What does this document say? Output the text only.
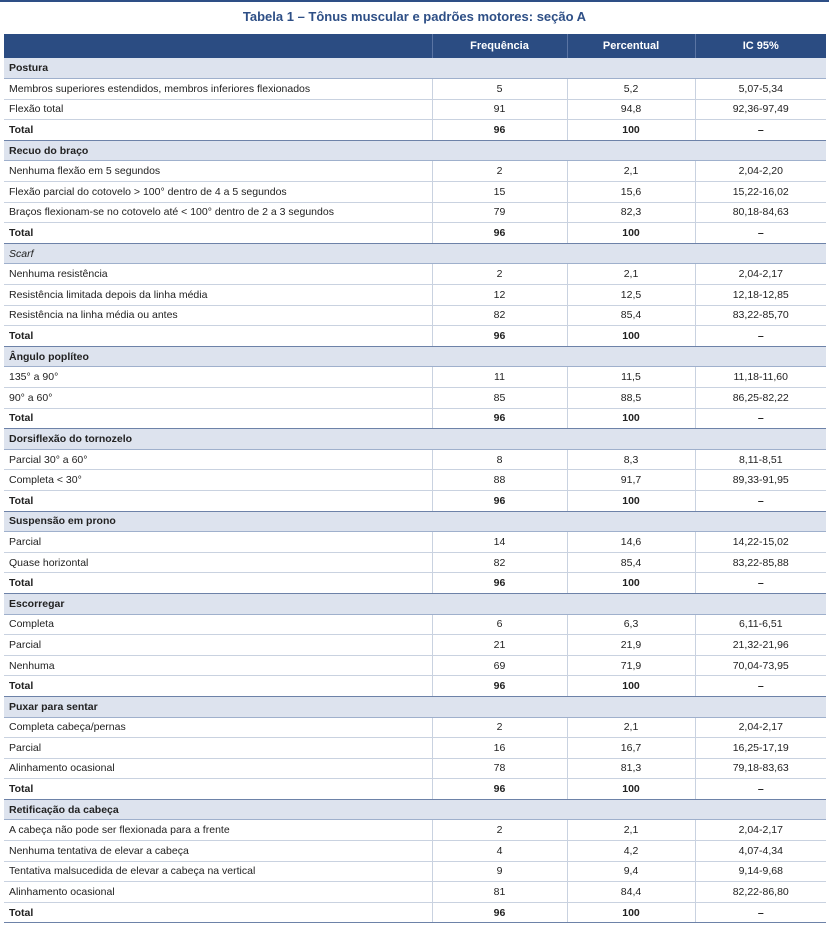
Tabela 1 – Tônus muscular e padrões motores: seção A
	Frequência	Percentual	IC 95%
Postura			
Membros superiores estendidos, membros inferiores flexionados	5	5,2	5,07-5,34
Flexão total	91	94,8	92,36-97,49
Total	96	100	–
Recuo do braço			
Nenhuma flexão em 5 segundos	2	2,1	2,04-2,20
Flexão parcial do cotovelo > 100° dentro de 4 a 5 segundos	15	15,6	15,22-16,02
Braços flexionam-se no cotovelo até < 100° dentro de 2 a 3 segundos	79	82,3	80,18-84,63
Total	96	100	–
Scarf			
Nenhuma resistência	2	2,1	2,04-2,17
Resistência limitada depois da linha média	12	12,5	12,18-12,85
Resistência na linha média ou antes	82	85,4	83,22-85,70
Total	96	100	–
Ângulo poplíteo			
135° a 90°	11	11,5	11,18-11,60
90° a 60°	85	88,5	86,25-82,22
Total	96	100	–
Dorsiflexão do tornozelo			
Parcial 30° a 60°	8	8,3	8,11-8,51
Completa < 30°	88	91,7	89,33-91,95
Total	96	100	–
Suspensão em prono			
Parcial	14	14,6	14,22-15,02
Quase horizontal	82	85,4	83,22-85,88
Total	96	100	–
Escorregar			
Completa	6	6,3	6,11-6,51
Parcial	21	21,9	21,32-21,96
Nenhuma	69	71,9	70,04-73,95
Total	96	100	–
Puxar para sentar			
Completa cabeça/pernas	2	2,1	2,04-2,17
Parcial	16	16,7	16,25-17,19
Alinhamento ocasional	78	81,3	79,18-83,63
Total	96	100	–
Retificação da cabeça			
A cabeça não pode ser flexionada para a frente	2	2,1	2,04-2,17
Nenhuma tentativa de elevar a cabeça	4	4,2	4,07-4,34
Tentativa malsucedida de elevar a cabeça na vertical	9	9,4	9,14-9,68
Alinhamento ocasional	81	84,4	82,22-86,80
Total	96	100	–
